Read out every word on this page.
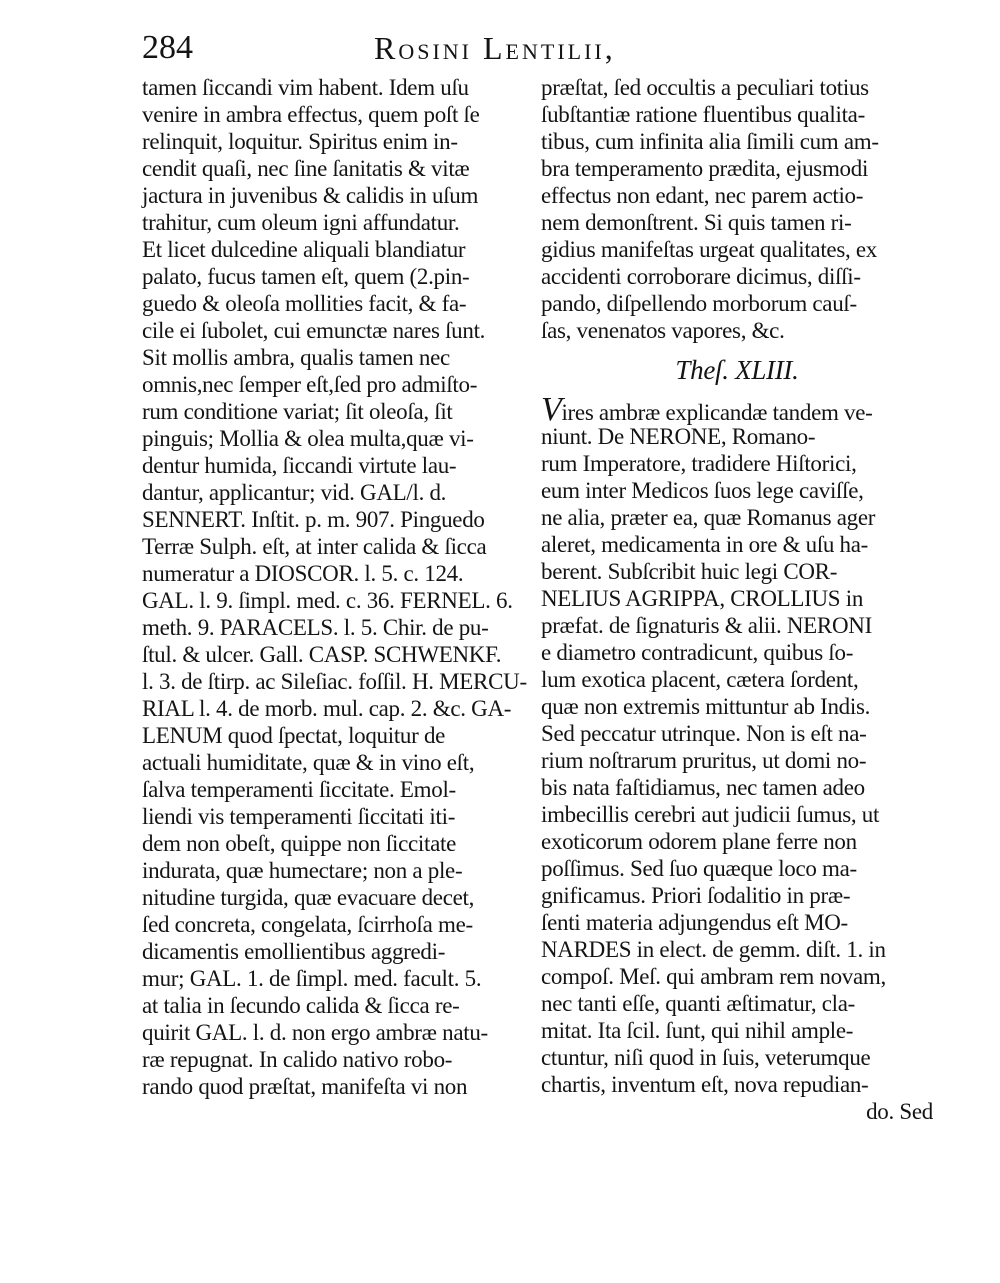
284	Rosini Lentilii,
tamen ſiccandi vim habent. Idem uſu
venire in ambra effectus, quem poſt ſe
relinquit, loquitur. Spiritus enim in-
cendit quaſi, nec ſine ſanitatis & vitæ
jactura in juvenibus & calidis in uſum
trahitur, cum oleum igni affundatur.
Et licet dulcedine aliquali blandiatur
palato, fucus tamen eſt, quem (2.pin-
guedo & oleoſa mollities facit, & fa-
cile ei ſubolet, cui emunctæ nares ſunt.
Sit mollis ambra, qualis tamen nec
omnis,nec ſemper eſt,ſed pro admiſto-
rum conditione variat; ſit oleoſa, ſit
pinguis; Mollia & olea multa,quæ vi-
dentur humida, ſiccandi virtute lau-
dantur, applicantur; vid. GAL/l. d.
SENNERT. Inſtit. p. m. 907. Pinguedo
Terræ Sulph. eſt, at inter calida & ſicca
numeratur a DIOSCOR. l. 5. c. 124.
GAL. l. 9. ſimpl. med. c. 36. FERNEL. 6.
meth. 9. PARACELS. l. 5. Chir. de pu-
ſtul. & ulcer. Gall. CASP. SCHWENKF.
l. 3. de ſtirp. ac Sileſiac. foſſil. H. MERCU-
RIAL l. 4. de morb. mul. cap. 2. &c. GA-
LENUM quod ſpectat, loquitur de
actuali humiditate, quæ & in vino eſt,
ſalva temperamenti ſiccitate. Emol-
liendi vis temperamenti ſiccitati iti-
dem non obeſt, quippe non ſiccitate
indurata, quæ humectare; non a ple-
nitudine turgida, quæ evacuare decet,
ſed concreta, congelata, ſcirrhoſa me-
dicamentis emollientibus aggredi-
mur; GAL. 1. de ſimpl. med. facult. 5.
at talia in ſecundo calida & ſicca re-
quirit GAL. l. d. non ergo ambræ natu-
ræ repugnat. In calido nativo robo-
rando quod præſtat, manifeſta vi non
præſtat, ſed occultis a peculiari totius
ſubſtantiæ ratione fluentibus qualita-
tibus, cum infinita alia ſimili cum am-
bra temperamento prædita, ejusmodi
effectus non edant, nec parem actio-
nem demonſtrent. Si quis tamen ri-
gidius manifeſtas urgeat qualitates, ex
accidenti corroborare dicimus, diſſi-
pando, diſpellendo morborum cauſ-
ſas, venenatos vapores, &c.
Theſ. XLIII.
Vires ambræ explicandæ tandem ve-
niunt. De NERONE, Romano-
rum Imperatore, tradidere Hiſtorici,
eum inter Medicos ſuos lege caviſſe,
ne alia, præter ea, quæ Romanus ager
aleret, medicamenta in ore & uſu ha-
berent. Subſcribit huic legi COR-
NELIUS AGRIPPA, CROLLIUS in
præfat. de ſignaturis & alii. NERONI
e diametro contradicunt, quibus ſo-
lum exotica placent, cætera ſordent,
quæ non extremis mittuntur ab Indis.
Sed peccatur utrinque. Non is eſt na-
rium noſtrarum pruritus, ut domi no-
bis nata faſtidiamus, nec tamen adeo
imbecillis cerebri aut judicii ſumus, ut
exoticorum odorem plane ferre non
poſſimus. Sed ſuo quæque loco ma-
gnificamus. Priori ſodalitio in præ-
ſenti materia adjungendus eſt MO-
NARDES in elect. de gemm. diſt. 1. in
compoſ. Meſ. qui ambram rem novam,
nec tanti eſſe, quanti æſtimatur, cla-
mitat. Ita ſcil. ſunt, qui nihil ample-
ctuntur, niſi quod in ſuis, veterumque
chartis, inventum eſt, nova repudian-
do. Sed
